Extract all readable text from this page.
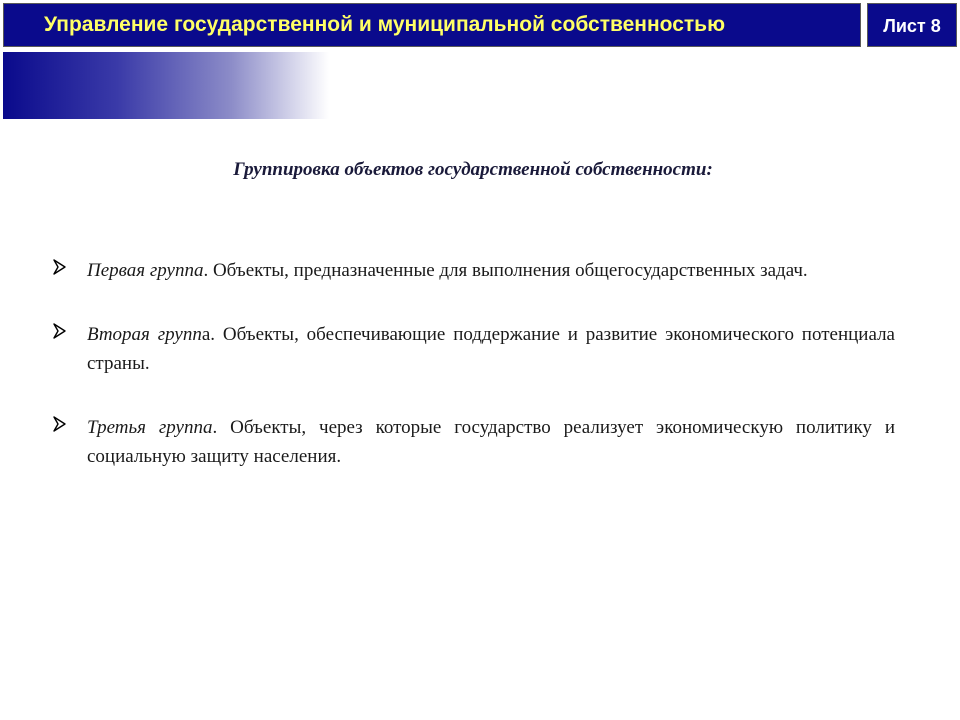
Управление государственной и муниципальной собственностью	Лист 8
Группировка объектов государственной собственности:
Первая группа. Объекты, предназначенные для выполнения общегосударственных задач.
Вторая группа. Объекты, обеспечивающие поддержание и развитие экономического потенциала страны.
Третья группа. Объекты, через которые государство реализует экономическую политику и социальную защиту населения.
